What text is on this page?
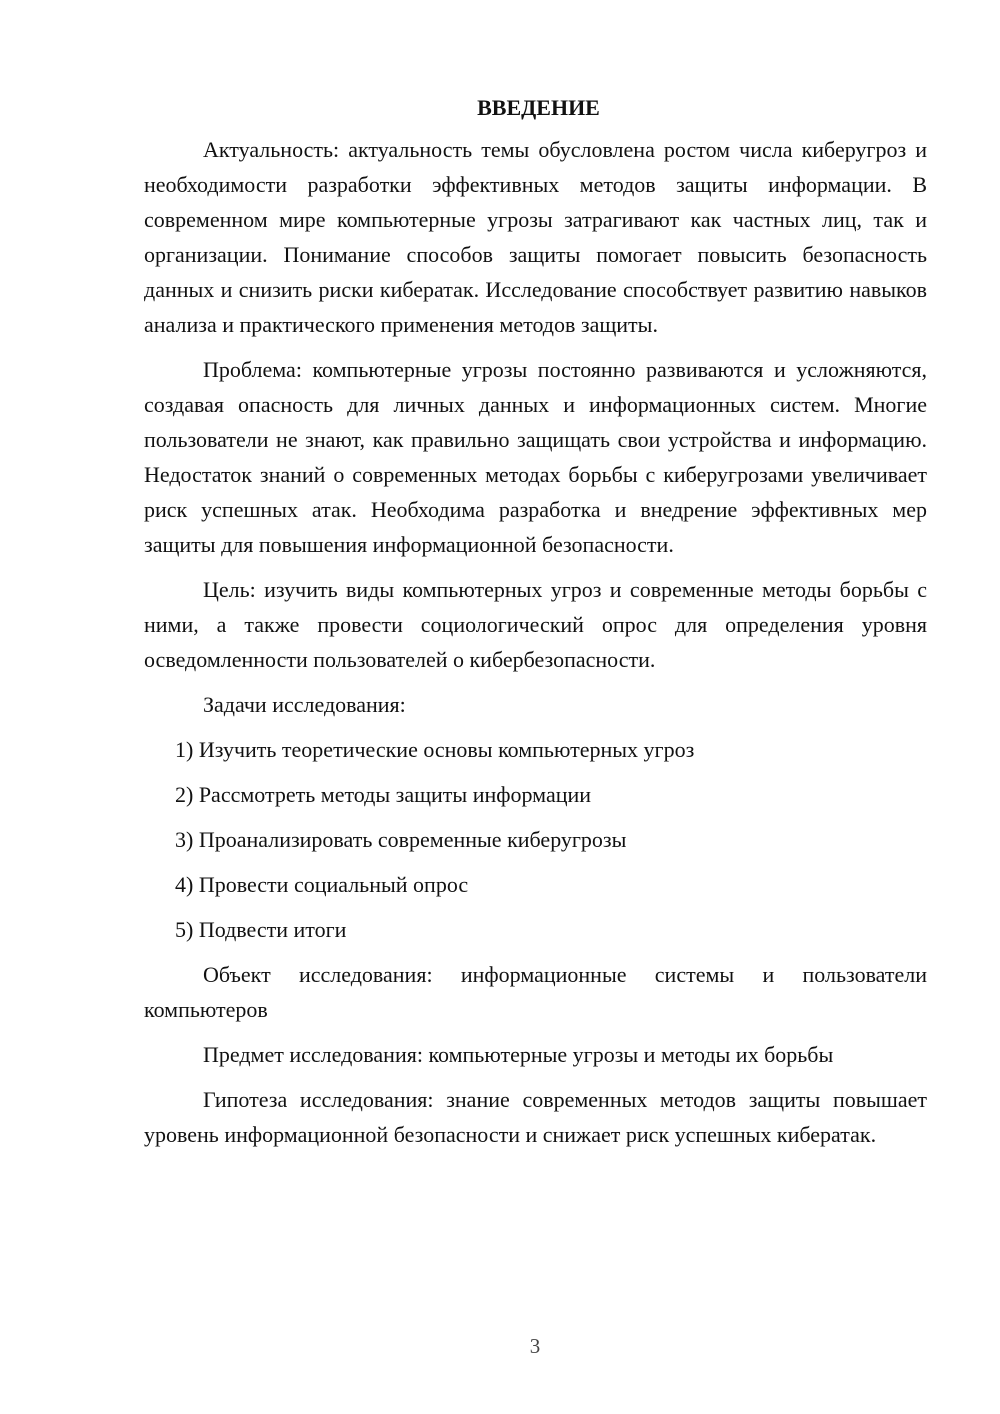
ВВЕДЕНИЕ

Актуальность: актуальность темы обусловлена ростом числа киберугроз и необходимости разработки эффективных методов защиты информации. В современном мире компьютерные угрозы затрагивают как частных лиц, так и организации. Понимание способов защиты помогает повысить безопасность данных и снизить риски кибератак. Исследование способствует развитию навыков анализа и практического применения методов защиты.

Проблема: компьютерные угрозы постоянно развиваются и усложняются, создавая опасность для личных данных и информационных систем. Многие пользователи не знают, как правильно защищать свои устройства и информацию. Недостаток знаний о современных методах борьбы с киберугрозами увеличивает риск успешных атак. Необходима разработка и внедрение эффективных мер защиты для повышения информационной безопасности.

Цель: изучить виды компьютерных угроз и современные методы борьбы с ними, а также провести социологический опрос для определения уровня осведомленности пользователей о кибербезопасности.

Задачи исследования:

1) Изучить теоретические основы компьютерных угроз
2) Рассмотреть методы защиты информации
3) Проанализировать современные киберугрозы
4) Провести социальный опрос
5) Подвести итоги

Объект исследования: информационные системы и пользователи компьютеров

Предмет исследования: компьютерные угрозы и методы их борьбы

Гипотеза исследования: знание современных методов защиты повышает уровень информационной безопасности и снижает риск успешных кибератак.

3
